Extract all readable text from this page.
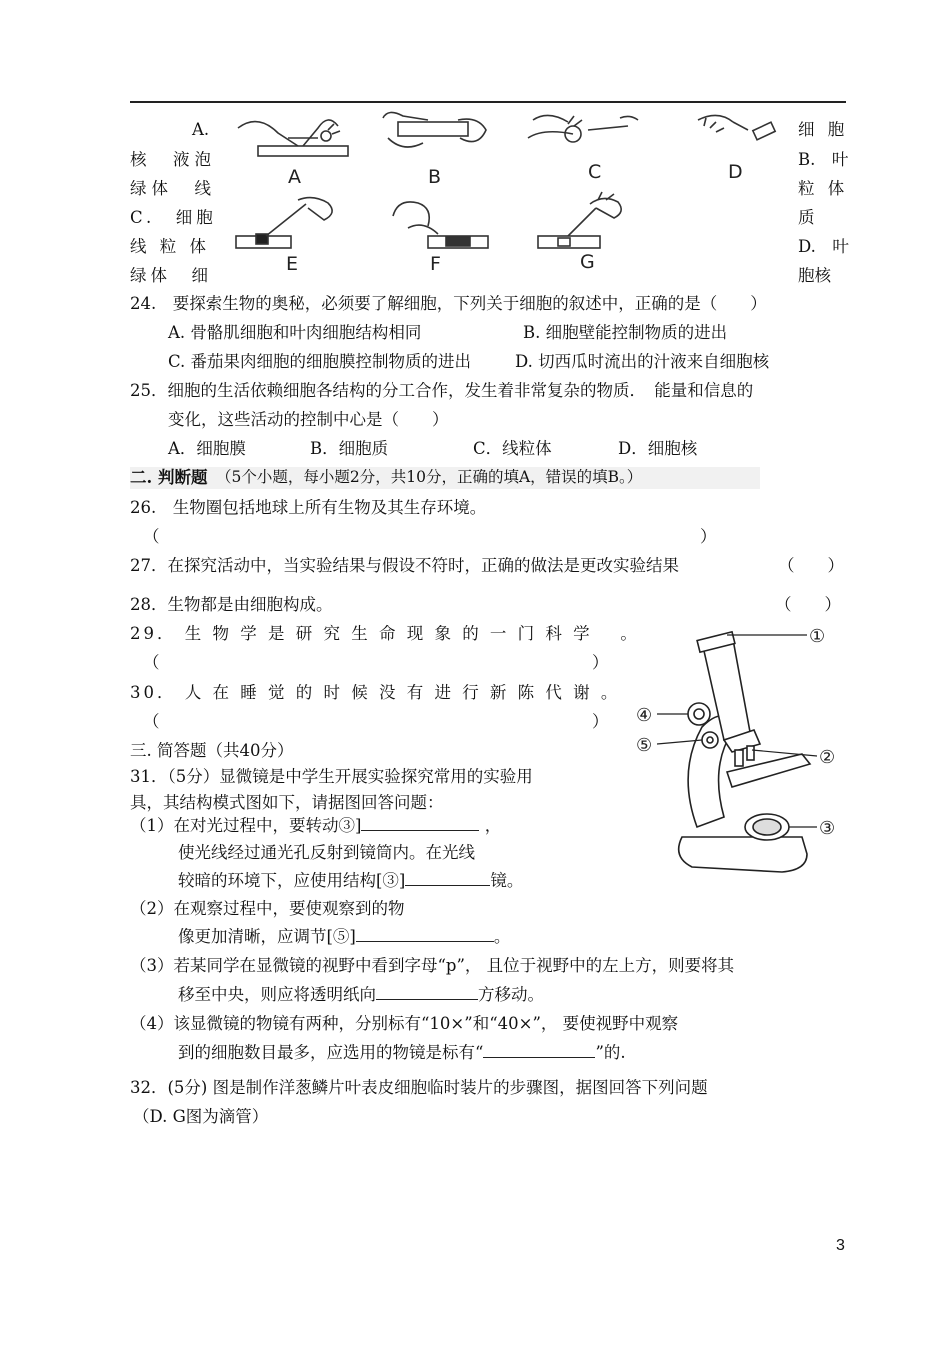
A.
核　液泡
绿体　线
C.　细胞
线 粒 体
绿体　细
细 胞
B.　叶
粒 体
质
D.　叶
胞核
A	B	C	D
E	F	G
24.　要探索生物的奥秘，必须要了解细胞，下列关于细胞的叙述中，正确的是（　　）
A. 骨骼肌细胞和叶肉细胞结构相同	B. 细胞壁能控制物质的进出
C. 番茄果肉细胞的细胞膜控制物质的进出	D. 切西瓜时流出的汁液来自细胞核
25．细胞的生活依赖细胞各结构的分工合作，发生着非常复杂的物质．　能量和信息的
变化，这些活动的控制中心是（　　）
A．细胞膜	B．细胞质	C．线粒体	D．细胞核
二. 判断题 （5个小题，每小题2分，共10分，正确的填A，错误的填B。）
26.　生物圈包括地球上所有生物及其生存环境。
（	）
27．在探究活动中，当实验结果与假设不符时，正确的做法是更改实验结果	（　　）
28．生物都是由细胞构成。	（　　）
29． 生 物 学 是 研 究 生 命 现 象 的 一 门 科 学 　。
（	）
30． 人 在 睡 觉 的 时 候 没 有 进 行 新 陈 代 谢 。
（	）
三. 简答题（共40分）
31．（5分）显微镜是中学生开展实验探究常用的实验用
具，其结构模式图如下，请据图回答问题：
（1）在对光过程中，要转动③]	，
使光线经过通光孔反射到镜筒内。在光线
较暗的环境下，应使用结构[③]	镜。
（2）在观察过程中，要使观察到的物
像更加清晰，应调节[⑤]	。
（3）若某同学在显微镜的视野中看到字母“p”， 且位于视野中的左上方，则要将其
移至中央，则应将透明纸向	方移动。
（4）该显微镜的物镜有两种，分别标有“10×”和“40×”， 要使视野中观察
到的细胞数目最多，应选用的物镜是标有“	”的.
①
②
③
④
⑤
32．(5分) 图是制作洋葱鳞片叶表皮细胞临时装片的步骤图，据图回答下列问题
（D. G图为滴管）
3
